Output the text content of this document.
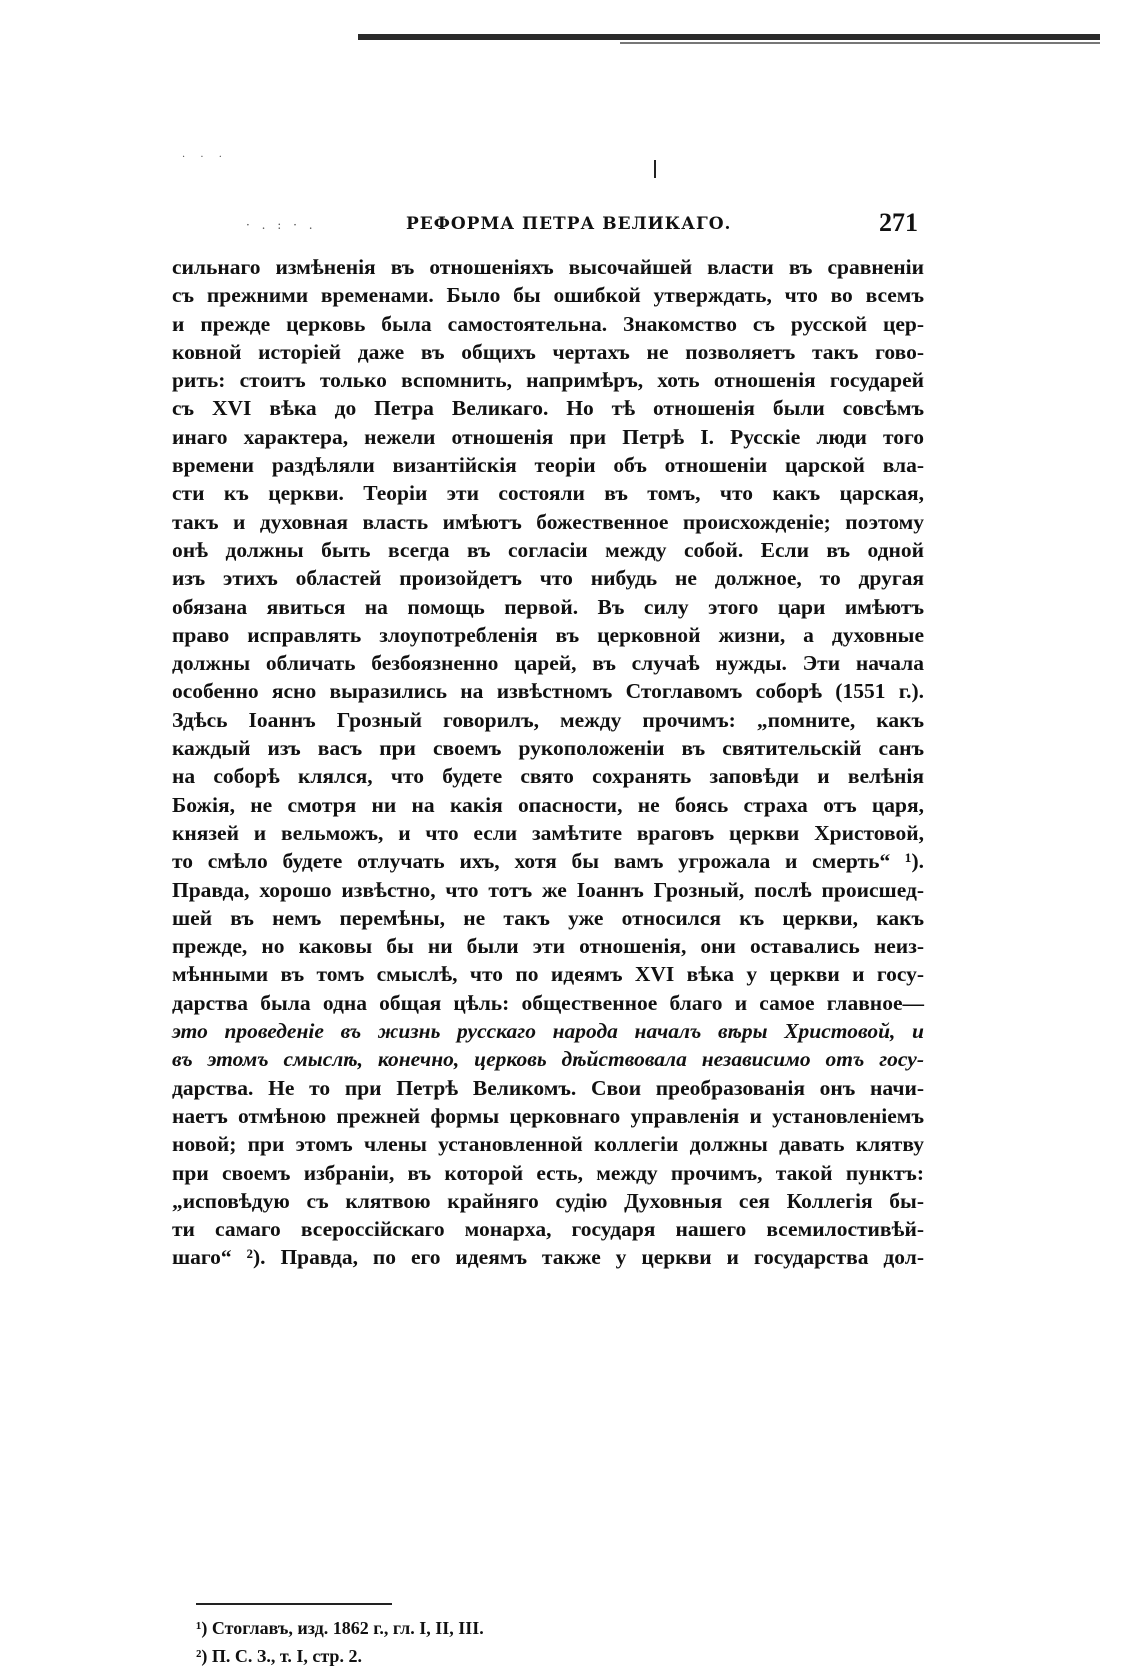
· · ·
· . : · .	РЕФОРМА ПЕТРА ВЕЛИКАГО.	271
сильнаго измѣненія въ отношеніяхъ высочайшей власти въ сравненіи
съ прежними временами. Было бы ошибкой утверждать, что во всемъ
и прежде церковь была самостоятельна. Знакомство съ русской цер-
ковной исторіей даже въ общихъ чертахъ не позволяетъ такъ гово-
рить: стоитъ только вспомнить, напримѣръ, хоть отношенія государей
съ XVI вѣка до Петра Великаго. Но тѣ отношенія были совсѣмъ
инаго характера, нежели отношенія при Петрѣ I. Русскіе люди того
времени раздѣляли византійскія теоріи объ отношеніи царской вла-
сти къ церкви. Теоріи эти состояли въ томъ, что какъ царская,
такъ и духовная власть имѣютъ божественное происхожденіе; поэтому
онѣ должны быть всегда въ согласіи между собой. Если въ одной
изъ этихъ областей произойдетъ что нибудь не должное, то другая
обязана явиться на помощь первой. Въ силу этого цари имѣютъ
право исправлять злоупотребленія въ церковной жизни, а духовные
должны обличать безбоязненно царей, въ случаѣ нужды. Эти начала
особенно ясно выразились на извѣстномъ Стоглавомъ соборѣ (1551 г.).
Здѣсь Іоаннъ Грозный говорилъ, между прочимъ: „помните, какъ
каждый изъ васъ при своемъ рукоположеніи въ святительскій санъ
на соборѣ клялся, что будете свято сохранять заповѣди и велѣнія
Божія, не смотря ни на какія опасности, не боясь страха отъ царя,
князей и вельможъ, и что если замѣтите враговъ церкви Христовой,
то смѣло будете отлучать ихъ, хотя бы вамъ угрожала и смерть“ ¹).
Правда, хорошо извѣстно, что тотъ же Іоаннъ Грозный, послѣ происшед-
шей въ немъ перемѣны, не такъ уже относился къ церкви, какъ
прежде, но каковы бы ни были эти отношенія, они оставались неиз-
мѣнными въ томъ смыслѣ, что по идеямъ XVI вѣка у церкви и госу-
дарства была одна общая цѣль: общественное благо и самое главное—
это проведеніе въ жизнь русскаго народа началъ вѣры Христовой, и
въ этомъ смыслѣ, конечно, церковь дѣйствовала независимо отъ госу-
дарства. Не то при Петрѣ Великомъ. Свои преобразованія онъ начи-
наетъ отмѣною прежней формы церковнаго управленія и установленіемъ
новой; при этомъ члены установленной коллегіи должны давать клятву
при своемъ избраніи, въ которой есть, между прочимъ, такой пунктъ:
„исповѣдую съ клятвою крайняго судію Духовныя сея Коллегія бы-
ти самаго всероссійскаго монарха, государя нашего всемилостивѣй-
шаго“ ²). Правда, по его идеямъ также у церкви и государства дол-
¹) Стоглавъ, изд. 1862 г., гл. I, II, III.
²) П. С. З., т. I, стр. 2.
